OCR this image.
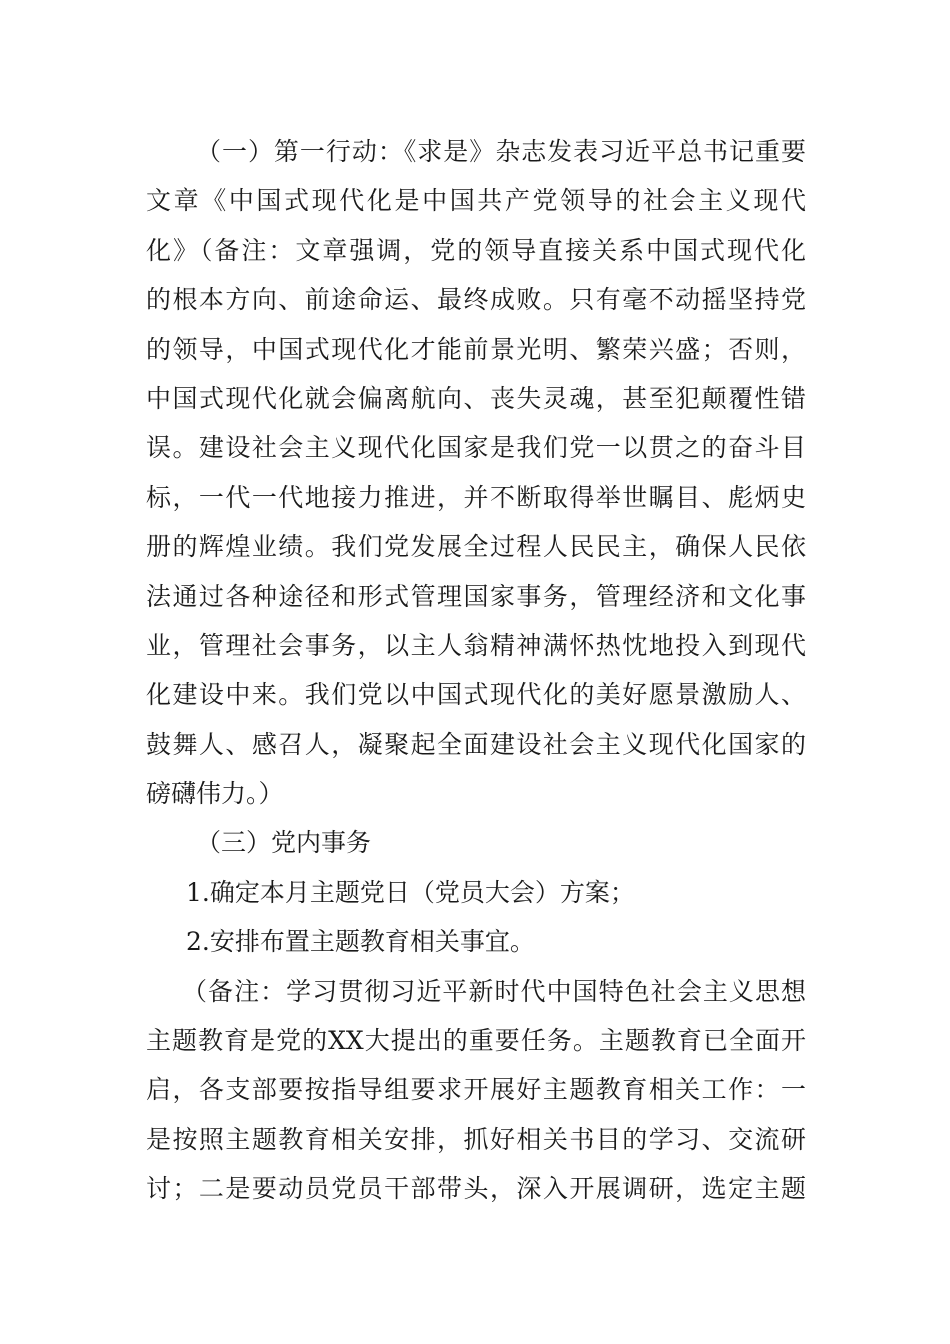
（一）第一行动：《求是》杂志发表习近平总书记重要
文章《中国式现代化是中国共产党领导的社会主义现代
化》（备注：文章强调，党的领导直接关系中国式现代化
的根本方向、前途命运、最终成败。只有毫不动摇坚持党
的领导，中国式现代化才能前景光明、繁荣兴盛；否则，
中国式现代化就会偏离航向、丧失灵魂，甚至犯颠覆性错
误。建设社会主义现代化国家是我们党一以贯之的奋斗目
标，一代一代地接力推进，并不断取得举世瞩目、彪炳史
册的辉煌业绩。我们党发展全过程人民民主，确保人民依
法通过各种途径和形式管理国家事务，管理经济和文化事
业，管理社会事务，以主人翁精神满怀热忱地投入到现代
化建设中来。我们党以中国式现代化的美好愿景激励人、
鼓舞人、感召人，凝聚起全面建设社会主义现代化国家的
磅礴伟力。）
（三）党内事务
1.确定本月主题党日（党员大会）方案；
2.安排布置主题教育相关事宜。
（备注：学习贯彻习近平新时代中国特色社会主义思想
主题教育是党的XX大提出的重要任务。主题教育已全面开
启，各支部要按指导组要求开展好主题教育相关工作：一
是按照主题教育相关安排，抓好相关书目的学习、交流研
讨；二是要动员党员干部带头，深入开展调研，选定主题
